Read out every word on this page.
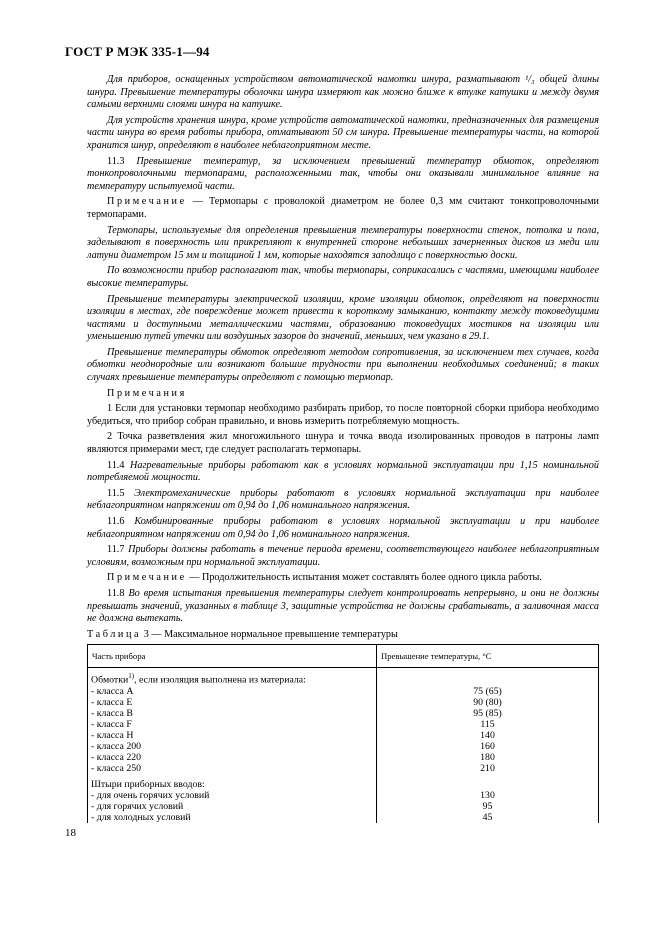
ГОСТ Р МЭК 335-1—94

Для приборов, оснащенных устройством автоматической намотки шнура, разматывают ¹/₃ общей длины шнура. Превышение температуры оболочки шнура измеряют как можно ближе к втулке катушки и между двумя самыми верхними слоями шнура на катушке.

Для устройств хранения шнура, кроме устройств автоматической намотки, предназначенных для размещения части шнура во время работы прибора, отматывают 50 см шнура. Превышение температуры части, на которой хранится шнур, определяют в наиболее неблагоприятном месте.

11.3 Превышение температур, за исключением превышений температур обмоток, определяют тонкопроволочными термопарами, расположенными так, чтобы они оказывали минимальное влияние на температуру испытуемой части.

Примечание — Термопары с проволокой диаметром не более 0,3 мм считают тонкопроволочными термопарами.

Термопары, используемые для определения превышения температуры поверхности стенок, потолка и пола, заделывают в поверхность или прикрепляют к внутренней стороне небольших зачерненных дисков из меди или латуни диаметром 15 мм и толщиной 1 мм, которые находятся заподлицо с поверхностью доски.

По возможности прибор располагают так, чтобы термопары, соприкасались с частями, имеющими наиболее высокие температуры.

Превышение температуры электрической изоляции, кроме изоляции обмоток, определяют на поверхности изоляции в местах, где повреждение может привести к короткому замыканию, контакту между токоведущими частями и доступными металлическими частями, образованию токоведущих мостиков на изоляции или уменьшению путей утечки или воздушных зазоров до значений, меньших, чем указано в 29.1.

Превышение температуры обмоток определяют методом сопротивления, за исключением тех случаев, когда обмотки неоднородные или возникают большие трудности при выполнении необходимых соединений; в таких случаях превышение температуры определяют с помощью термопар.

Примечания

1 Если для установки термопар необходимо разбирать прибор, то после повторной сборки прибора необходимо убедиться, что прибор собран правильно, и вновь измерить потребляемую мощность.

2 Точка разветвления жил многожильного шнура и точка ввода изолированных проводов в патроны ламп являются примерами мест, где следует располагать термопары.

11.4 Нагревательные приборы работают как в условиях нормальной эксплуатации при 1,15 номинальной потребляемой мощности.

11.5 Электромеханические приборы работают в условиях нормальной эксплуатации при наиболее неблагоприятном напряжении от 0,94 до 1,06 номинального напряжения.

11.6 Комбинированные приборы работают в условиях нормальной эксплуатации и при наиболее неблагоприятном напряжении от 0,94 до 1,06 номинального напряжения.

11.7 Приборы должны работать в течение периода времени, соответствующего наиболее неблагоприятным условиям, возможным при нормальной эксплуатации.

Примечание — Продолжительность испытания может составлять более одного цикла работы.

11.8 Во время испытания превышения температуры следует контролировать непрерывно, и они не должны превышать значений, указанных в таблице 3, защитные устройства не должны срабатывать, а заливочная масса не должна вытекать.

Таблица 3 — Максимальное нормальное превышение температуры

Часть прибора	Превышение температуры, °С
Обмотки$^{1)}$, если изоляция выполнена из материала:	
- класса А	75 (65)
- класса Е	90 (80)
- класса В	95 (85)
- класса F	115
- класса Н	140
- класса 200	160
- класса 220	180
- класса 250	210
Штыри приборных вводов:	
- для очень горячих условий	130
- для горячих условий	95
- для холодных условий	45
18
